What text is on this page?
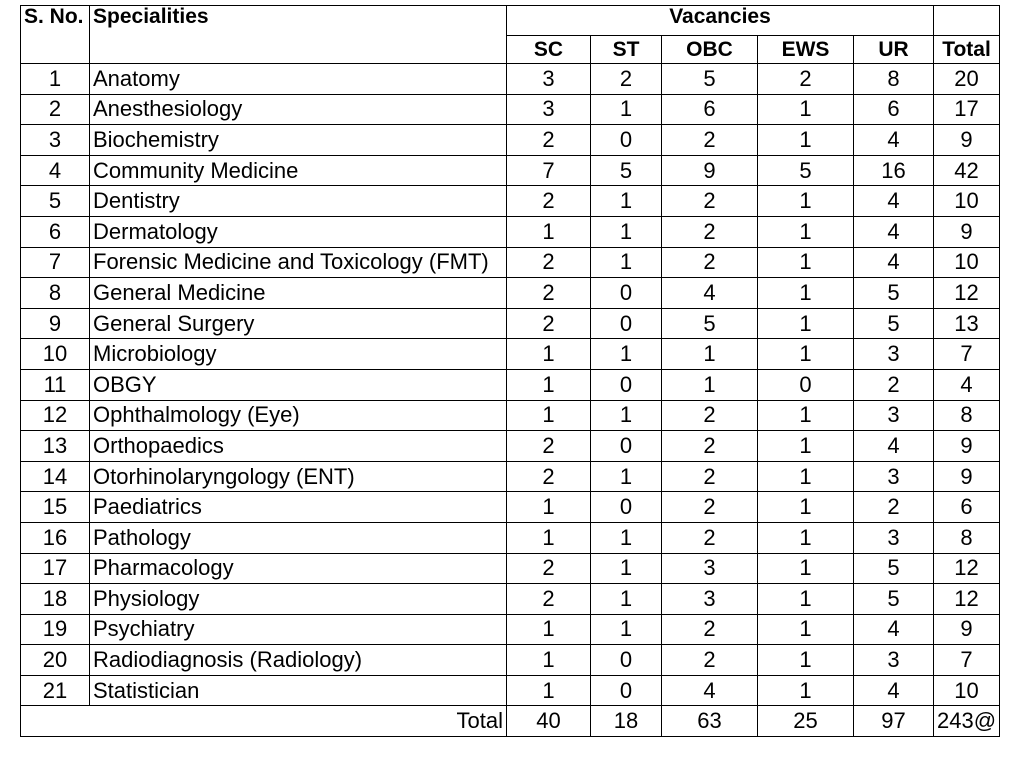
S. No.	Specialities	Vacancies					
		SC	ST	OBC	EWS	UR	Total
1	Anatomy	3	2	5	2	8	20
2	Anesthesiology	3	1	6	1	6	17
3	Biochemistry	2	0	2	1	4	9
4	Community Medicine	7	5	9	5	16	42
5	Dentistry	2	1	2	1	4	10
6	Dermatology	1	1	2	1	4	9
7	Forensic Medicine and Toxicology (FMT)	2	1	2	1	4	10
8	General Medicine	2	0	4	1	5	12
9	General Surgery	2	0	5	1	5	13
10	Microbiology	1	1	1	1	3	7
11	OBGY	1	0	1	0	2	4
12	Ophthalmology (Eye)	1	1	2	1	3	8
13	Orthopaedics	2	0	2	1	4	9
14	Otorhinolaryngology (ENT)	2	1	2	1	3	9
15	Paediatrics	1	0	2	1	2	6
16	Pathology	1	1	2	1	3	8
17	Pharmacology	2	1	3	1	5	12
18	Physiology	2	1	3	1	5	12
19	Psychiatry	1	1	2	1	4	9
20	Radiodiagnosis (Radiology)	1	0	2	1	3	7
21	Statistician	1	0	4	1	4	10
Total		40	18	63	25	97	243@
